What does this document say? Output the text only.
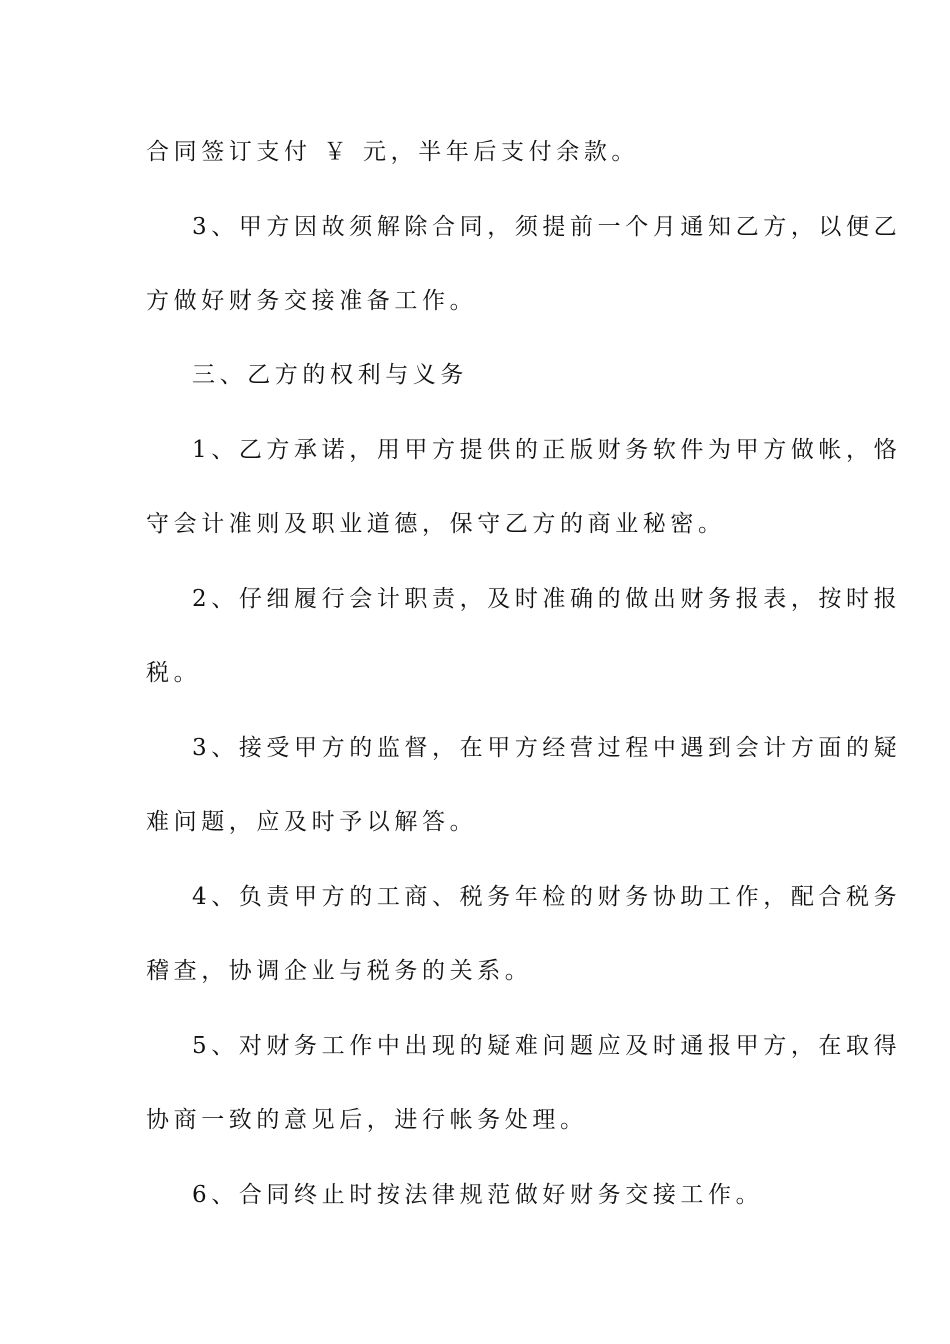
合同签订支付 ￥ 元，半年后支付余款。
3、甲方因故须解除合同，须提前一个月通知乙方，以便乙
方做好财务交接准备工作。
三、乙方的权利与义务
1、乙方承诺，用甲方提供的正版财务软件为甲方做帐，恪
守会计准则及职业道德，保守乙方的商业秘密。
2、仔细履行会计职责，及时准确的做出财务报表，按时报
税。
3、接受甲方的监督，在甲方经营过程中遇到会计方面的疑
难问题，应及时予以解答。
4、负责甲方的工商、税务年检的财务协助工作，配合税务
稽查，协调企业与税务的关系。
5、对财务工作中出现的疑难问题应及时通报甲方，在取得
协商一致的意见后，进行帐务处理。
6、合同终止时按法律规范做好财务交接工作。
